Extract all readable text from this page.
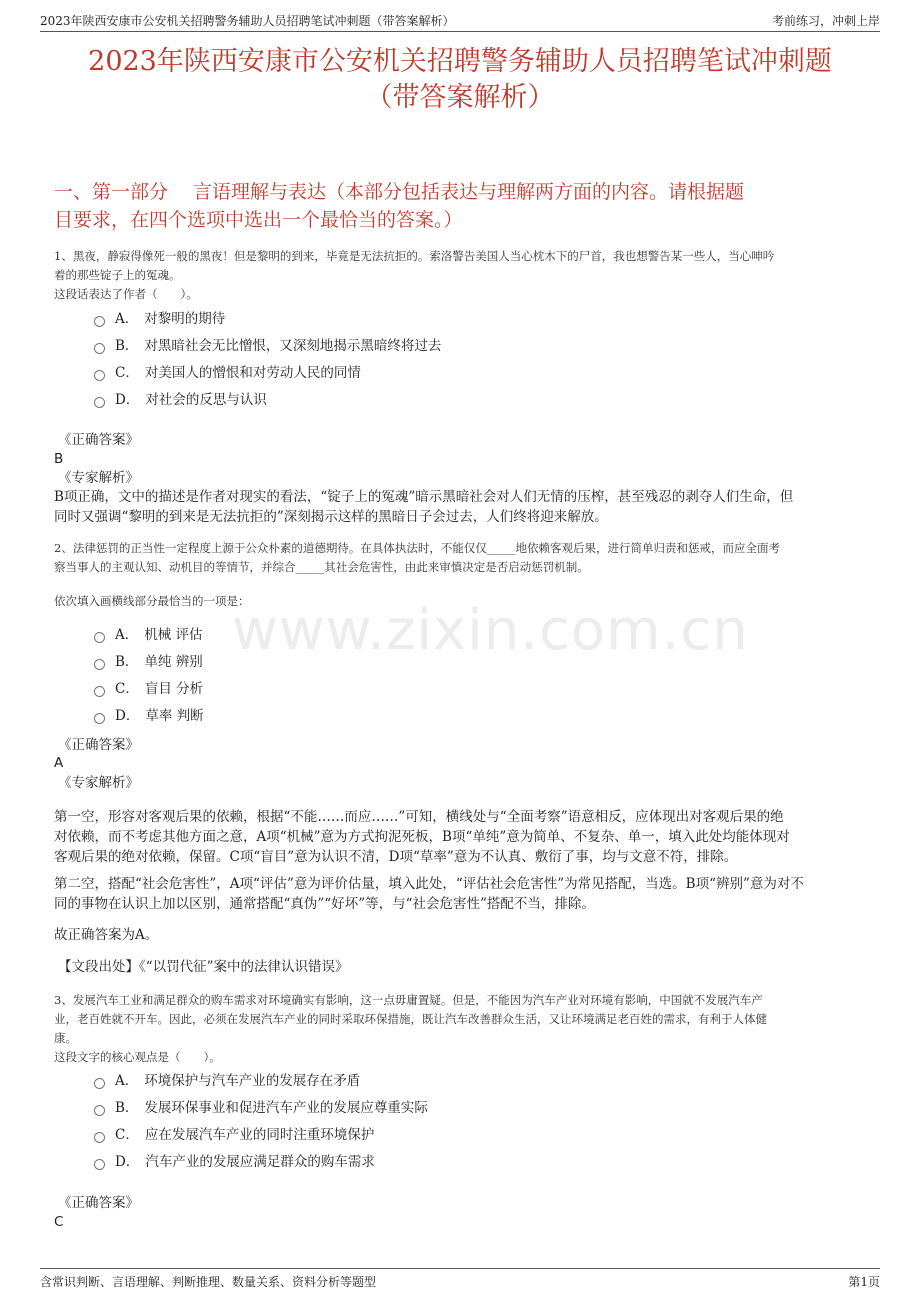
2023年陕西安康市公安机关招聘警务辅助人员招聘笔试冲刺题（带答案解析）	考前练习，冲刺上岸
2023年陕西安康市公安机关招聘警务辅助人员招聘笔试冲刺题
（带答案解析）
一、第一部分　 言语理解与表达（本部分包括表达与理解两方面的内容。请根据题
目要求，在四个选项中选出一个最恰当的答案。）
www.zixin.com.cn
1、黑夜，静寂得像死一般的黑夜！但是黎明的到来，毕竟是无法抗拒的。索洛警告美国人当心枕木下的尸首，我也想警告某一些人，当心呻吟
着的那些锭子上的冤魂。
这段话表达了作者（　　）。
A． 对黎明的期待
B． 对黑暗社会无比憎恨，又深刻地揭示黑暗终将过去
C． 对美国人的憎恨和对劳动人民的同情
D． 对社会的反思与认识
《正确答案》
B
《专家解析》
B项正确，文中的描述是作者对现实的看法，“锭子上的冤魂”暗示黑暗社会对人们无情的压榨，甚至残忍的剥夺人们生命，但
同时又强调“黎明的到来是无法抗拒的”深刻揭示这样的黑暗日子会过去，人们终将迎来解放。
2、法律惩罚的正当性一定程度上源于公众朴素的道德期待。在具体执法时，不能仅仅_____地依赖客观后果，进行简单归责和惩戒，而应全面考
察当事人的主观认知、动机目的等情节，并综合_____其社会危害性，由此来审慎决定是否启动惩罚机制。
依次填入画横线部分最恰当的一项是：
A． 机械 评估
B． 单纯 辨别
C． 盲目 分析
D． 草率 判断
《正确答案》
A
《专家解析》
第一空，形容对客观后果的依赖，根据“不能……而应……”可知，横线处与“全面考察”语意相反，应体现出对客观后果的绝
对依赖，而不考虑其他方面之意，A项“机械”意为方式拘泥死板，B项“单纯”意为简单、不复杂、单一，填入此处均能体现对
客观后果的绝对依赖，保留。C项“盲目”意为认识不清，D项“草率”意为不认真、敷衍了事，均与文意不符，排除。
第二空，搭配“社会危害性”，A项“评估”意为评价估量，填入此处，“评估社会危害性”为常见搭配，当选。B项“辨别”意为对不
同的事物在认识上加以区别，通常搭配“真伪”“好坏”等，与“社会危害性”搭配不当，排除。
故正确答案为A。
【文段出处】《“以罚代征”案中的法律认识错误》
3、发展汽车工业和满足群众的购车需求对环境确实有影响，这一点毋庸置疑。但是，不能因为汽车产业对环境有影响，中国就不发展汽车产
业，老百姓就不开车。因此，必须在发展汽车产业的同时采取环保措施，既让汽车改善群众生活，又让环境满足老百姓的需求，有利于人体健
康。
这段文字的核心观点是（　　）。
A． 环境保护与汽车产业的发展存在矛盾
B． 发展环保事业和促进汽车产业的发展应尊重实际
C． 应在发展汽车产业的同时注重环境保护
D． 汽车产业的发展应满足群众的购车需求
《正确答案》
C
含常识判断、言语理解、判断推理、数量关系、资料分析等题型	第1页
